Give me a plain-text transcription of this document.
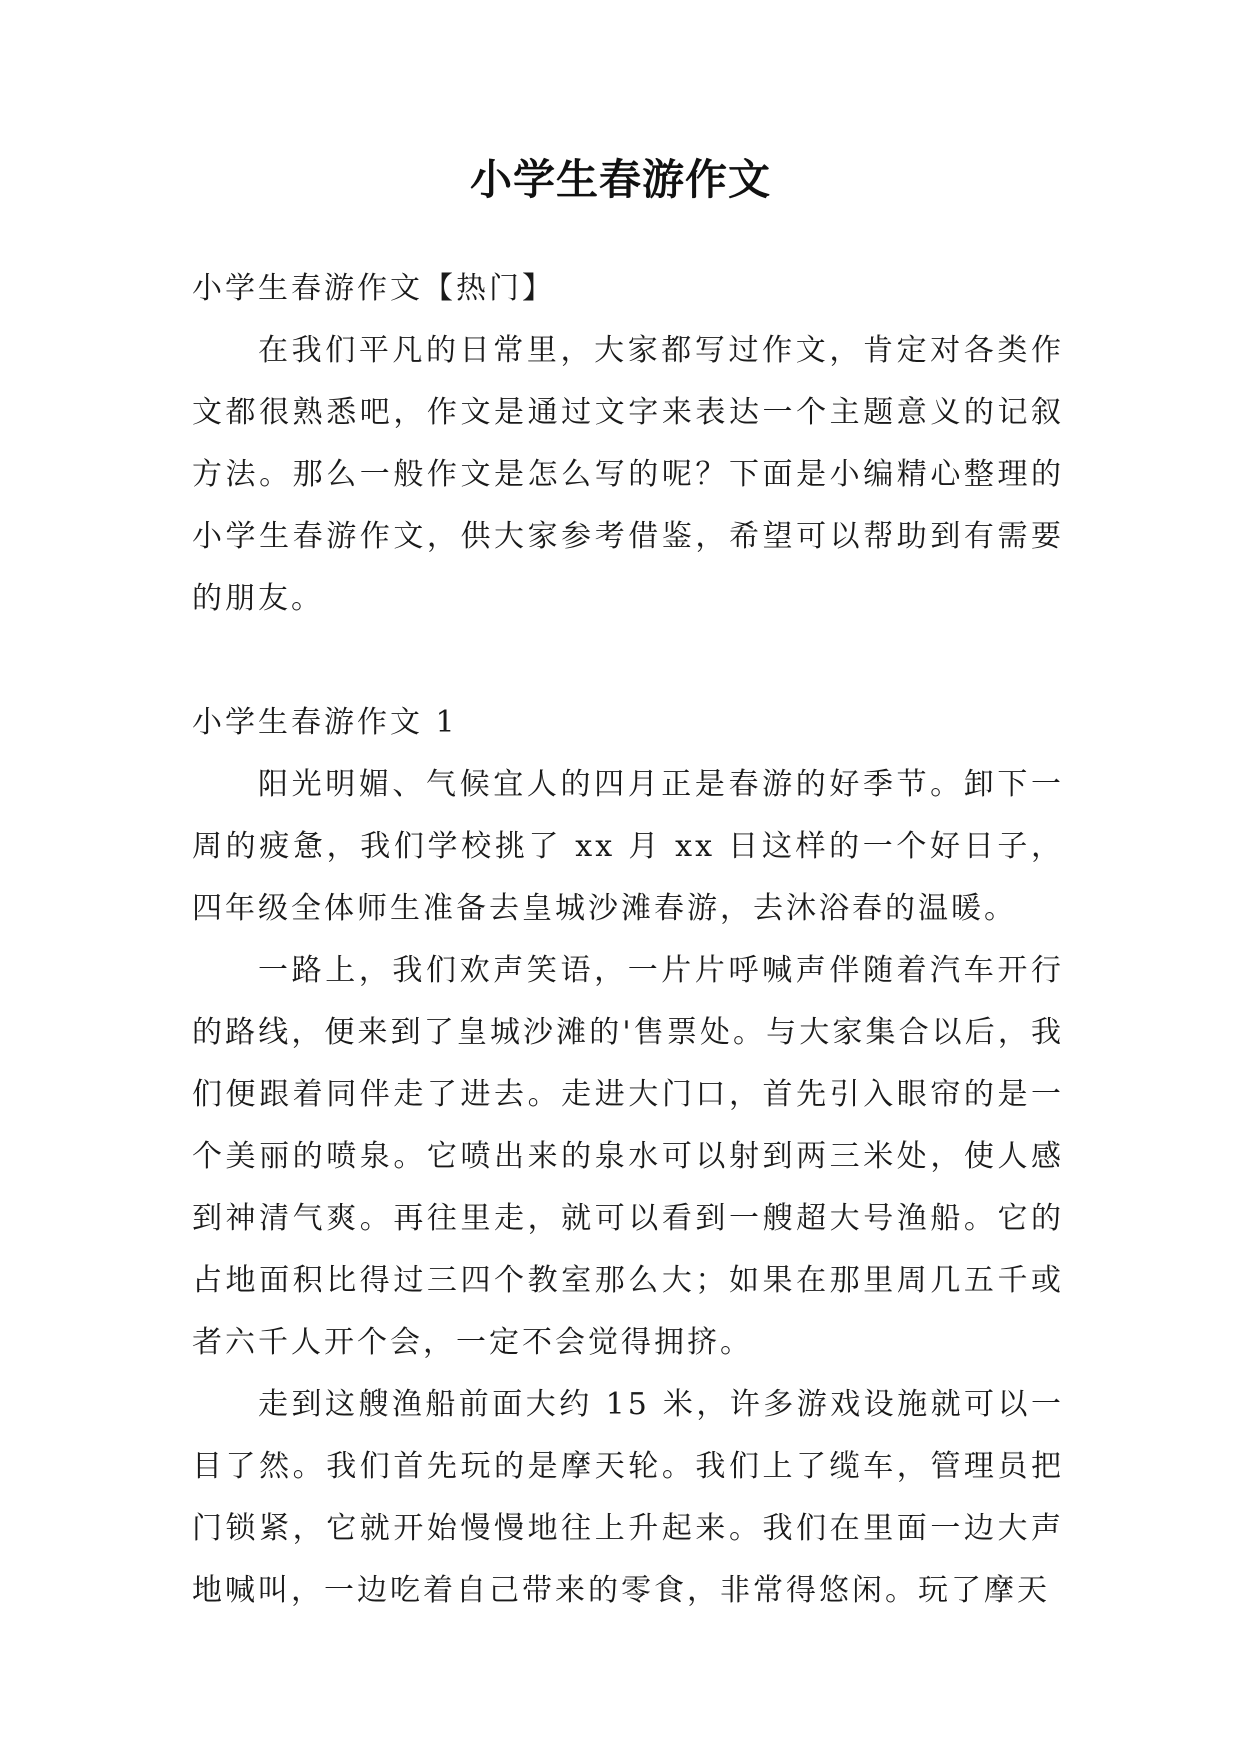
小学生春游作文

小学生春游作文【热门】

在我们平凡的日常里，大家都写过作文，肯定对各类作文都很熟悉吧，作文是通过文字来表达一个主题意义的记叙方法。那么一般作文是怎么写的呢？下面是小编精心整理的小学生春游作文，供大家参考借鉴，希望可以帮助到有需要的朋友。

小学生春游作文 1

阳光明媚、气候宜人的四月正是春游的好季节。卸下一周的疲惫，我们学校挑了 xx 月 xx 日这样的一个好日子，四年级全体师生准备去皇城沙滩春游，去沐浴春的温暖。

一路上，我们欢声笑语，一片片呼喊声伴随着汽车开行的路线，便来到了皇城沙滩的'售票处。与大家集合以后，我们便跟着同伴走了进去。走进大门口，首先引入眼帘的是一个美丽的喷泉。它喷出来的泉水可以射到两三米处，使人感到神清气爽。再往里走，就可以看到一艘超大号渔船。它的占地面积比得过三四个教室那么大；如果在那里周几五千或者六千人开个会，一定不会觉得拥挤。

走到这艘渔船前面大约 15 米，许多游戏设施就可以一目了然。我们首先玩的是摩天轮。我们上了缆车，管理员把门锁紧，它就开始慢慢地往上升起来。我们在里面一边大声地喊叫，一边吃着自己带来的零食，非常得悠闲。玩了摩天
